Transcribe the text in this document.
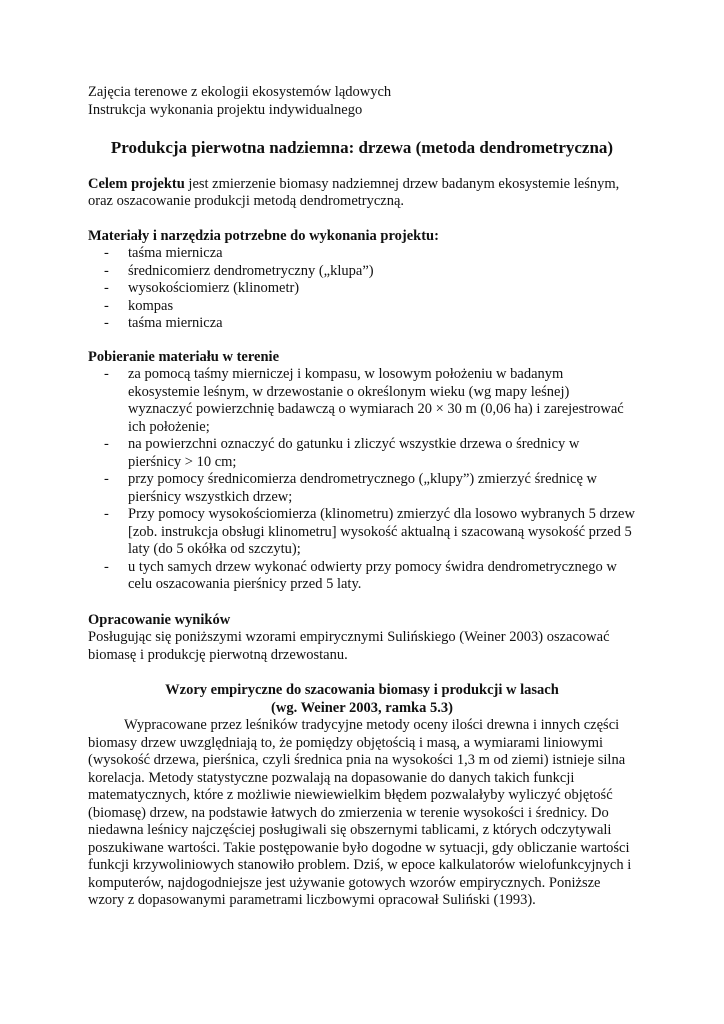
Zajęcia terenowe z ekologii ekosystemów lądowych
Instrukcja wykonania projektu indywidualnego
Produkcja pierwotna nadziemna: drzewa (metoda dendrometryczna)

Celem projektu jest zmierzenie biomasy nadziemnej drzew badanym ekosystemie leśnym, oraz oszacowanie produkcji metodą dendrometryczną.

Materiały i narzędzia potrzebne do wykonania projektu:
- taśma miernicza
- średnicomierz dendrometryczny („klupa”)
- wysokościomierz (klinometr)
- kompas
- taśma miernicza
Pobieranie materiału w terenie
- za pomocą taśmy mierniczej i kompasu, w losowym położeniu w badanym ekosystemie leśnym, w drzewostanie o określonym wieku (wg mapy leśnej) wyznaczyć powierzchnię badawczą o wymiarach 20 × 30 m (0,06 ha) i zarejestrować ich położenie;
- na powierzchni oznaczyć do gatunku i zliczyć wszystkie drzewa o średnicy w pierśnicy > 10 cm;
- przy pomocy średnicomierza dendrometrycznego („klupy”) zmierzyć średnicę w pierśnicy wszystkich drzew;
- Przy pomocy wysokościomierza (klinometru) zmierzyć dla losowo wybranych 5 drzew [zob. instrukcja obsługi klinometru] wysokość aktualną i szacowaną wysokość przed 5 laty (do 5 okółka od szczytu);
- u tych samych drzew wykonać odwierty przy pomocy świdra dendrometrycznego w celu oszacowania pierśnicy przed 5 laty.
Opracowanie wyników

Posługując się poniższymi wzorami empirycznymi Sulińskiego (Weiner 2003) oszacować biomasę i produkcję pierwotną drzewostanu.

Wzory empiryczne do szacowania biomasy i produkcji w lasach
(wg. Weiner 2003, ramka 5.3)

Wypracowane przez leśników tradycyjne metody oceny ilości drewna i innych części biomasy drzew uwzględniają to, że pomiędzy objętością i masą, a wymiarami liniowymi (wysokość drzewa, pierśnica, czyli średnica pnia na wysokości 1,3 m od ziemi) istnieje silna korelacja. Metody statystyczne pozwalają na dopasowanie do danych takich funkcji matematycznych, które z możliwie niewiewielkim błędem pozwalałyby wyliczyć objętość (biomasę) drzew, na podstawie łatwych do zmierzenia w terenie wysokości i średnicy. Do niedawna leśnicy najczęściej posługiwali się obszernymi tablicami, z których odczytywali poszukiwane wartości. Takie postępowanie było dogodne w sytuacji, gdy obliczanie wartości funkcji krzywoliniowych stanowiło problem. Dziś, w epoce kalkulatorów wielofunkcyjnych i komputerów, najdogodniejsze jest używanie gotowych wzorów empirycznych. Poniższe wzory z dopasowanymi parametrami liczbowymi opracował Suliński (1993).
